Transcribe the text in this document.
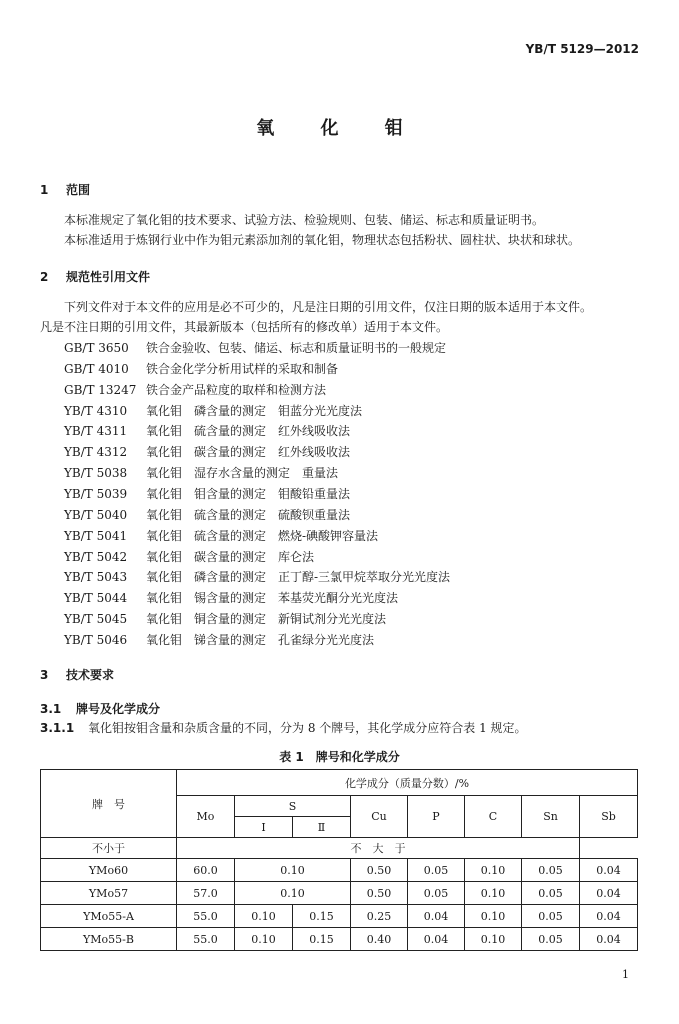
YB/T 5129—2012
氧 化 钼
1 范围
本标准规定了氧化钼的技术要求、试验方法、检验规则、包装、储运、标志和质量证明书。
本标准适用于炼钢行业中作为钼元素添加剂的氧化钼，物理状态包括粉状、圆柱状、块状和球状。
2 规范性引用文件
下列文件对于本文件的应用是必不可少的，凡是注日期的引用文件，仅注日期的版本适用于本文件。
凡是不注日期的引用文件，其最新版本（包括所有的修改单）适用于本文件。
GB/T 3650 铁合金验收、包装、储运、标志和质量证明书的一般规定
GB/T 4010 铁合金化学分析用试样的采取和制备
GB/T 13247 铁合金产品粒度的取样和检测方法
YB/T 4310 氧化钼　磷含量的测定　钼蓝分光光度法
YB/T 4311 氧化钼　硫含量的测定　红外线吸收法
YB/T 4312 氧化钼　碳含量的测定　红外线吸收法
YB/T 5038 氧化钼　湿存水含量的测定　重量法
YB/T 5039 氧化钼　钼含量的测定　钼酸铅重量法
YB/T 5040 氧化钼　硫含量的测定　硫酸钡重量法
YB/T 5041 氧化钼　硫含量的测定　燃烧-碘酸钾容量法
YB/T 5042 氧化钼　碳含量的测定　库仑法
YB/T 5043 氧化钼　磷含量的测定　正丁醇-三氯甲烷萃取分光光度法
YB/T 5044 氧化钼　锡含量的测定　苯基荧光酮分光光度法
YB/T 5045 氧化钼　铜含量的测定　新铜试剂分光光度法
YB/T 5046 氧化钼　锑含量的测定　孔雀绿分光光度法
3 技术要求
3.1 牌号及化学成分
3.1.1 氧化钼按钼含量和杂质含量的不同，分为 8 个牌号，其化学成分应符合表 1 规定。
表 1　牌号和化学成分
牌　号	化学成分（质量分数）/%							
	Mo	S		Cu	P	C	Sn	Sb
		Ⅰ	Ⅱ					
不小于	不　大　于							
YMo60	60.0	0.10		0.50	0.05	0.10	0.05	0.04
YMo57	57.0	0.10		0.50	0.05	0.10	0.05	0.04
YMo55-A	55.0	0.10	0.15	0.25	0.04	0.10	0.05	0.04
YMo55-B	55.0	0.10	0.15	0.40	0.04	0.10	0.05	0.04
1
